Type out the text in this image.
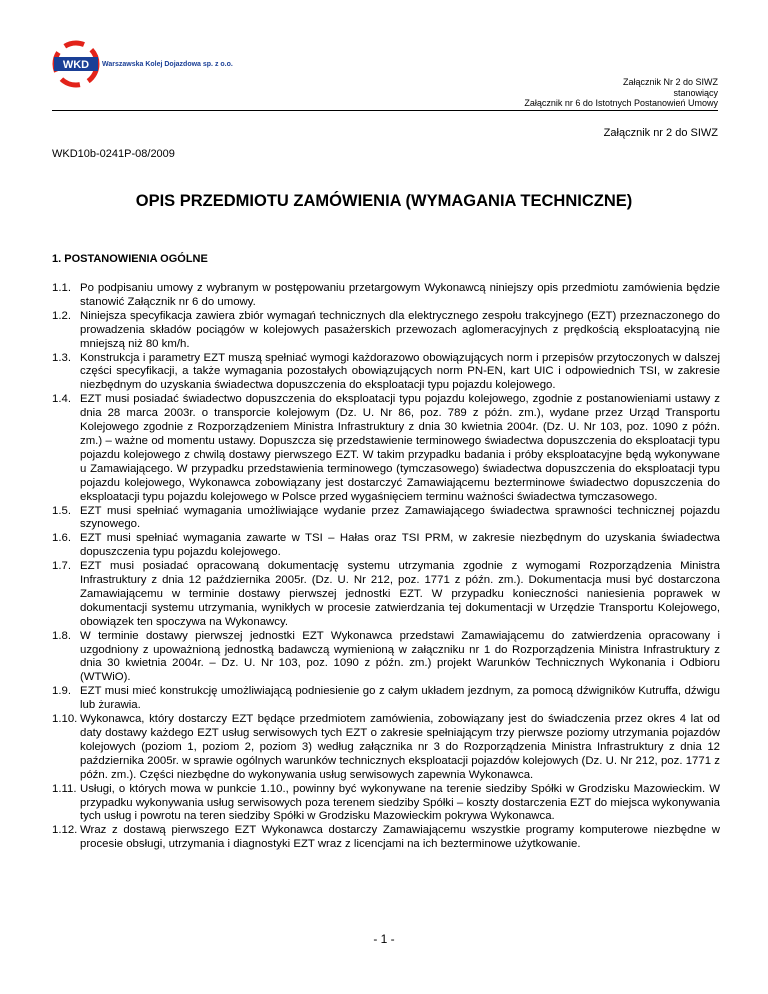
WKD Warszawska Kolej Dojazdowa sp. z o.o.
Załącznik Nr 2 do SIWZ
stanowiący
Załącznik nr 6 do Istotnych Postanowień Umowy
Załącznik nr 2 do SIWZ
WKD10b-0241P-08/2009
OPIS PRZEDMIOTU ZAMÓWIENIA (WYMAGANIA TECHNICZNE)
1. POSTANOWIENIA OGÓLNE
1.1. Po podpisaniu umowy z wybranym w postępowaniu przetargowym Wykonawcą niniejszy opis przedmiotu zamówienia będzie stanowić Załącznik nr 6 do umowy.
1.2. Niniejsza specyfikacja zawiera zbiór wymagań technicznych dla elektrycznego zespołu trakcyjnego (EZT) przeznaczonego do prowadzenia składów pociągów w kolejowych pasażerskich przewozach aglomeracyjnych z prędkością eksploatacyjną nie mniejszą niż 80 km/h.
1.3. Konstrukcja i parametry EZT muszą spełniać wymogi każdorazowo obowiązujących norm i przepisów przytoczonych w dalszej części specyfikacji, a także wymagania pozostałych obowiązujących norm PN-EN, kart UIC i odpowiednich TSI, w zakresie niezbędnym do uzyskania świadectwa dopuszczenia do eksploatacji typu pojazdu kolejowego.
1.4. EZT musi posiadać świadectwo dopuszczenia do eksploatacji typu pojazdu kolejowego, zgodnie z postanowieniami ustawy z dnia 28 marca 2003r. o transporcie kolejowym (Dz. U. Nr 86, poz. 789 z późn. zm.), wydane przez Urząd Transportu Kolejowego zgodnie z Rozporządzeniem Ministra Infrastruktury z dnia 30 kwietnia 2004r. (Dz. U. Nr 103, poz. 1090 z późn. zm.) – ważne od momentu ustawy. Dopuszcza się przedstawienie terminowego świadectwa dopuszczenia do eksploatacji typu pojazdu kolejowego z chwilą dostawy pierwszego EZT. W takim przypadku badania i próby eksploatacyjne będą wykonywane u Zamawiającego. W przypadku przedstawienia terminowego (tymczasowego) świadectwa dopuszczenia do eksploatacji typu pojazdu kolejowego, Wykonawca zobowiązany jest dostarczyć Zamawiającemu bezterminowe świadectwo dopuszczenia do eksploatacji typu pojazdu kolejowego w Polsce przed wygaśnięciem terminu ważności świadectwa tymczasowego.
1.5. EZT musi spełniać wymagania umożliwiające wydanie przez Zamawiającego świadectwa sprawności technicznej pojazdu szynowego.
1.6. EZT musi spełniać wymagania zawarte w TSI – Hałas oraz TSI PRM, w zakresie niezbędnym do uzyskania świadectwa dopuszczenia typu pojazdu kolejowego.
1.7. EZT musi posiadać opracowaną dokumentację systemu utrzymania zgodnie z wymogami Rozporządzenia Ministra Infrastruktury z dnia 12 października 2005r. (Dz. U. Nr 212, poz. 1771 z późn. zm.). Dokumentacja musi być dostarczona Zamawiającemu w terminie dostawy pierwszej jednostki EZT. W przypadku konieczności naniesienia poprawek w dokumentacji systemu utrzymania, wynikłych w procesie zatwierdzania tej dokumentacji w Urzędzie Transportu Kolejowego, obowiązek ten spoczywa na Wykonawcy.
1.8. W terminie dostawy pierwszej jednostki EZT Wykonawca przedstawi Zamawiającemu do zatwierdzenia opracowany i uzgodniony z upoważnioną jednostką badawczą wymienioną w załączniku nr 1 do Rozporządzenia Ministra Infrastruktury z dnia 30 kwietnia 2004r. – Dz. U. Nr 103, poz. 1090 z późn. zm.) projekt Warunków Technicznych Wykonania i Odbioru (WTWiO).
1.9. EZT musi mieć konstrukcję umożliwiającą podniesienie go z całym układem jezdnym, za pomocą dźwigników Kutruffa, dźwigu lub żurawia.
1.10. Wykonawca, który dostarczy EZT będące przedmiotem zamówienia, zobowiązany jest do świadczenia przez okres 4 lat od daty dostawy każdego EZT usług serwisowych tych EZT o zakresie spełniającym trzy pierwsze poziomy utrzymania pojazdów kolejowych (poziom 1, poziom 2, poziom 3) według załącznika nr 3 do Rozporządzenia Ministra Infrastruktury z dnia 12 października 2005r. w sprawie ogólnych warunków technicznych eksploatacji pojazdów kolejowych (Dz. U. Nr 212, poz. 1771 z późn. zm.). Części niezbędne do wykonywania usług serwisowych zapewnia Wykonawca.
1.11. Usługi, o których mowa w punkcie 1.10., powinny być wykonywane na terenie siedziby Spółki w Grodzisku Mazowieckim. W przypadku wykonywania usług serwisowych poza terenem siedziby Spółki – koszty dostarczenia EZT do miejsca wykonywania tych usług i powrotu na teren siedziby Spółki w Grodzisku Mazowieckim pokrywa Wykonawca.
1.12. Wraz z dostawą pierwszego EZT Wykonawca dostarczy Zamawiającemu wszystkie programy komputerowe niezbędne w procesie obsługi, utrzymania i diagnostyki EZT wraz z licencjami na ich bezterminowe użytkowanie.
- 1 -
